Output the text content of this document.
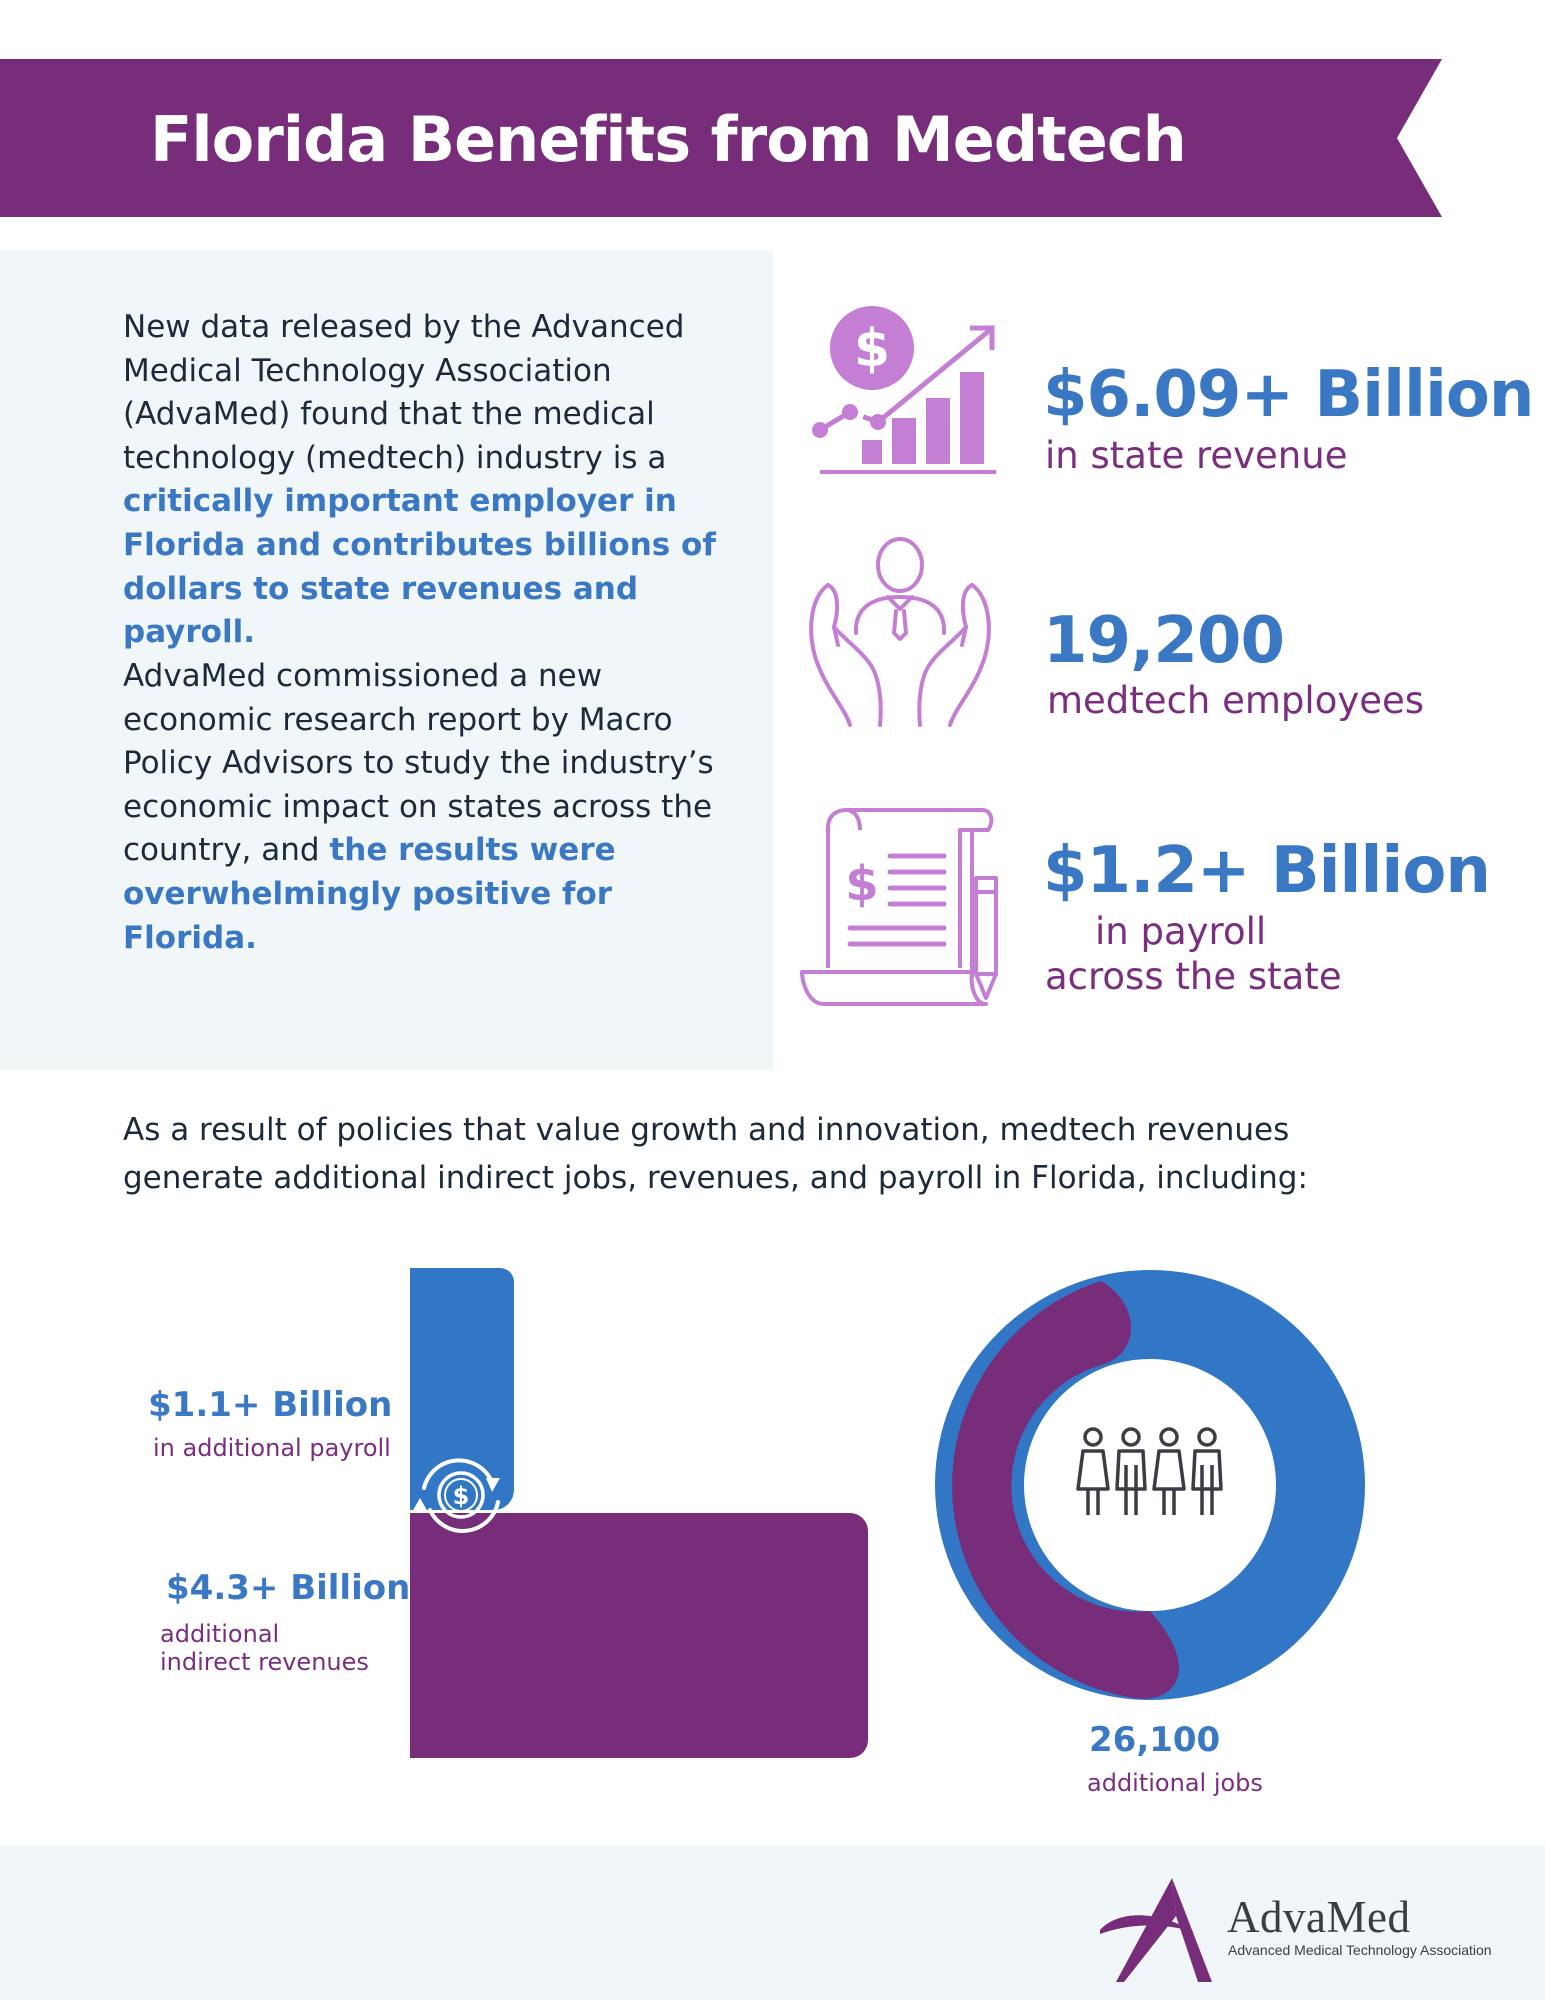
Florida Benefits from Medtech

New data released by the Advanced Medical Technology Association (AdvaMed) found that the medical technology (medtech) industry is a critically important employer in Florida and contributes billions of dollars to state revenues and payroll.

AdvaMed commissioned a new economic research report by Macro Policy Advisors to study the industry’s economic impact on states across the country, and the results were overwhelmingly positive for Florida.

$
$6.09+ Billion
in state revenue
19,200
medtech employees
$	$1.2+ Billion
in payroll
across the state

As a result of policies that value growth and innovation, medtech revenues generate additional indirect jobs, revenues, and payroll in Florida, including:

$1.1+ Billion
in additional payroll
$4.3+ Billion
additional
indirect revenues
$
26,100
additional jobs
AdvaMed
Advanced Medical Technology Association
